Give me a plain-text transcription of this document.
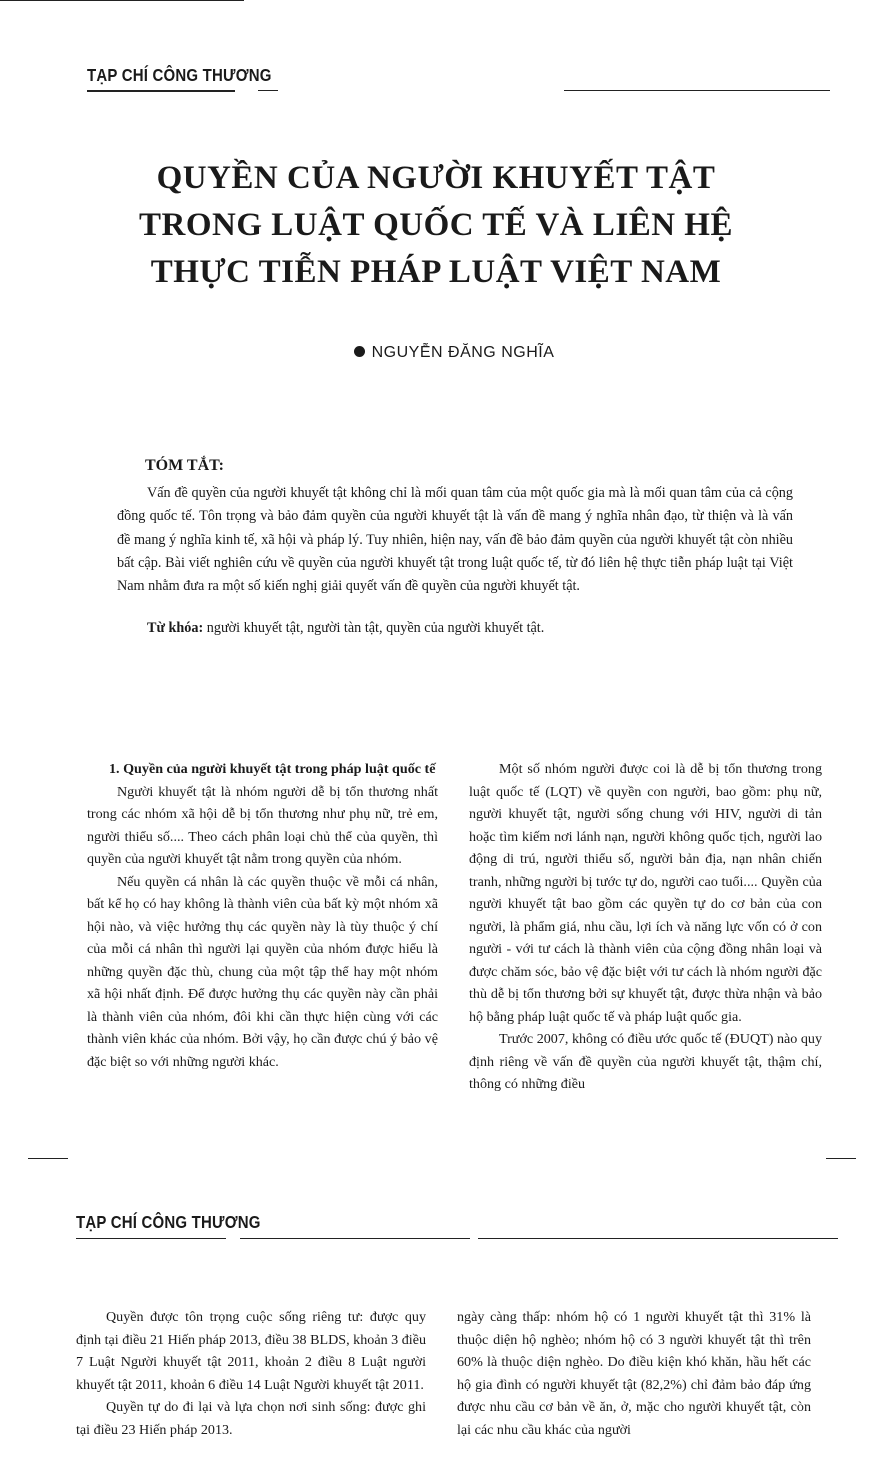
TẠP CHÍ CÔNG THƯƠNG
QUYỀN CỦA NGƯỜI KHUYẾT TẬT
TRONG LUẬT QUỐC TẾ VÀ LIÊN HỆ
THỰC TIỄN PHÁP LUẬT VIỆT NAM
NGUYỄN ĐĂNG NGHĨA
TÓM TẮT:

Vấn đề quyền của người khuyết tật không chỉ là mối quan tâm của một quốc gia mà là mối quan tâm của cả cộng đồng quốc tế. Tôn trọng và bảo đảm quyền của người khuyết tật là vấn đề mang ý nghĩa nhân đạo, từ thiện và là vấn đề mang ý nghĩa kinh tế, xã hội và pháp lý. Tuy nhiên, hiện nay, vấn đề bảo đảm quyền của người khuyết tật còn nhiều bất cập. Bài viết nghiên cứu về quyền của người khuyết tật trong luật quốc tế, từ đó liên hệ thực tiễn pháp luật tại Việt Nam nhằm đưa ra một số kiến nghị giải quyết vấn đề quyền của người khuyết tật.

Từ khóa: người khuyết tật, người tàn tật, quyền của người khuyết tật.

1. Quyền của người khuyết tật trong pháp luật quốc tế

Người khuyết tật là nhóm người dễ bị tổn thương nhất trong các nhóm xã hội dễ bị tổn thương như phụ nữ, trẻ em, người thiểu số.... Theo cách phân loại chủ thể của quyền, thì quyền của người khuyết tật nằm trong quyền của nhóm.

Nếu quyền cá nhân là các quyền thuộc về mỗi cá nhân, bất kể họ có hay không là thành viên của bất kỳ một nhóm xã hội nào, và việc hưởng thụ các quyền này là tùy thuộc ý chí của mỗi cá nhân thì người lại quyền của nhóm được hiểu là những quyền đặc thù, chung của một tập thể hay một nhóm xã hội nhất định. Để được hưởng thụ các quyền này cần phải là thành viên của nhóm, đôi khi cần thực hiện cùng với các thành viên khác của nhóm. Bởi vậy, họ cần được chú ý bảo vệ đặc biệt so với những người khác.

Một số nhóm người được coi là dễ bị tổn thương trong luật quốc tế (LQT) về quyền con người, bao gồm: phụ nữ, người khuyết tật, người sống chung với HIV, người di tản hoặc tìm kiếm nơi lánh nạn, người không quốc tịch, người lao động di trú, người thiểu số, người bản địa, nạn nhân chiến tranh, những người bị tước tự do, người cao tuổi.... Quyền của người khuyết tật bao gồm các quyền tự do cơ bản của con người, là phẩm giá, nhu cầu, lợi ích và năng lực vốn có ở con người - với tư cách là thành viên của cộng đồng nhân loại và được chăm sóc, bảo vệ đặc biệt với tư cách là nhóm người đặc thù dễ bị tổn thương bởi sự khuyết tật, được thừa nhận và bảo hộ bằng pháp luật quốc tế và pháp luật quốc gia.

Trước 2007, không có điều ước quốc tế (ĐUQT) nào quy định riêng về vấn đề quyền của người khuyết tật, thậm chí, thông có những điều

TẠP CHÍ CÔNG THƯƠNG

Quyền được tôn trọng cuộc sống riêng tư: được quy định tại điều 21 Hiến pháp 2013, điều 38 BLDS, khoản 3 điều 7 Luật Người khuyết tật 2011, khoản 2 điều 8 Luật người khuyết tật 2011, khoản 6 điều 14 Luật Người khuyết tật 2011.

Quyền tự do đi lại và lựa chọn nơi sinh sống: được ghi tại điều 23 Hiến pháp 2013.

ngày càng thấp: nhóm hộ có 1 người khuyết tật thì 31% là thuộc diện hộ nghèo; nhóm hộ có 3 người khuyết tật thì trên 60% là thuộc diện nghèo. Do điều kiện khó khăn, hầu hết các hộ gia đình có người khuyết tật (82,2%) chỉ đảm bảo đáp ứng được nhu cầu cơ bản về ăn, ở, mặc cho người khuyết tật, còn lại các nhu cầu khác của người
